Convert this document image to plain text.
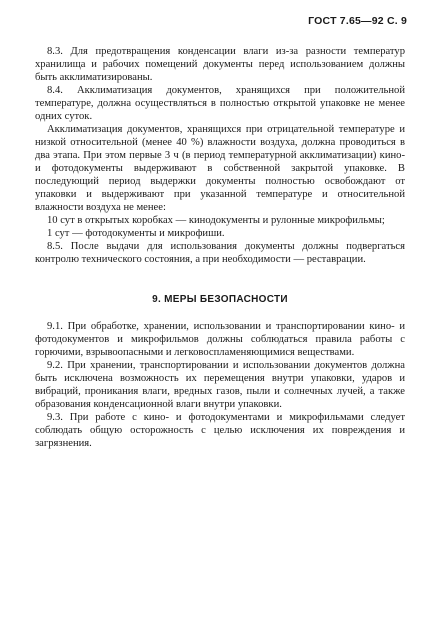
ГОСТ 7.65—92 С. 9

8.3. Для предотвращения конденсации влаги из-за разности температур хранилища и рабочих помещений документы перед использованием должны быть акклиматизированы.

8.4. Акклиматизация документов, хранящихся при положительной температуре, должна осуществляться в полностью открытой упаковке не менее одних суток.

Акклиматизация документов, хранящихся при отрицательной температуре и низкой относительной (менее 40 %) влажности воздуха, должна проводиться в два этапа. При этом первые 3 ч (в период температурной акклиматизации) кино- и фотодокументы выдерживают в собственной закрытой упаковке. В последующий период выдержки документы полностью освобождают от упаковки и выдерживают при указанной температуре и относительной влажности воздуха не менее:

10 сут в открытых коробках — кинодокументы и рулонные микрофильмы;

1 сут — фотодокументы и микрофиши.

8.5. После выдачи для использования документы должны подвергаться контролю технического состояния, а при необходимости — реставрации.

9. МЕРЫ БЕЗОПАСНОСТИ

9.1. При обработке, хранении, использовании и транспортировании кино- и фотодокументов и микрофильмов должны соблюдаться правила работы с горючими, взрывоопасными и легковоспламеняющимися веществами.

9.2. При хранении, транспортировании и использовании документов должна быть исключена возможность их перемещения внутри упаковки, ударов и вибраций, проникания влаги, вредных газов, пыли и солнечных лучей, а также образования конденсационной влаги внутри упаковки.

9.3. При работе с кино- и фотодокументами и микрофильмами следует соблюдать общую осторожность с целью исключения их повреждения и загрязнения.
